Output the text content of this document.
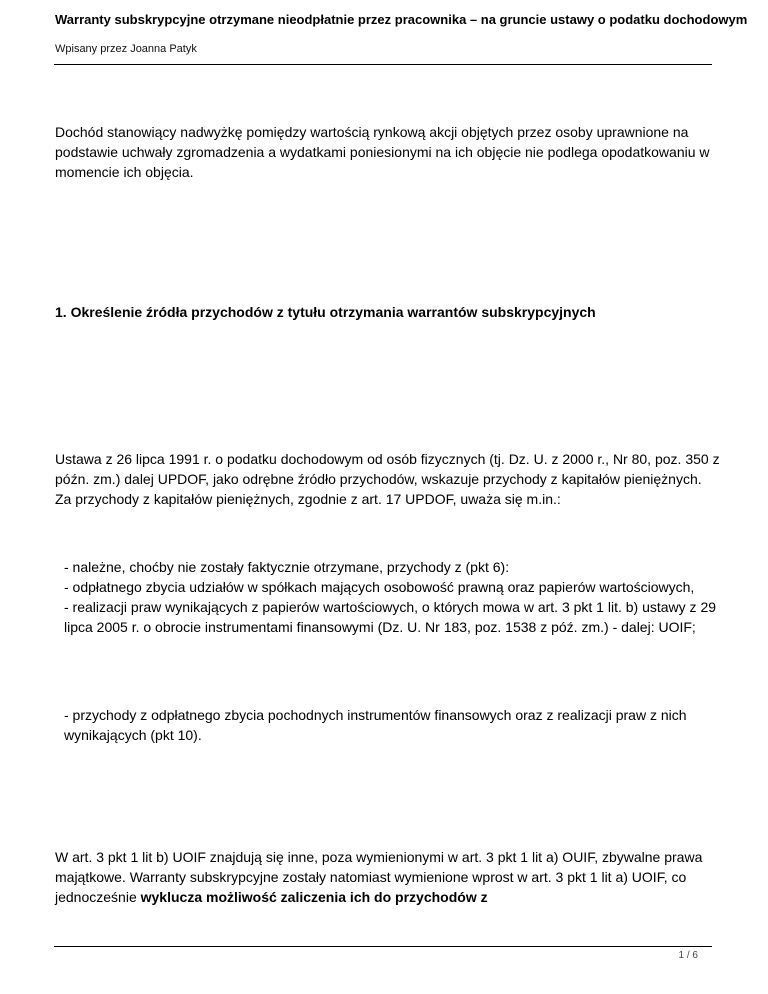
Warranty subskrypcyjne otrzymane nieodpłatnie przez pracownika – na gruncie ustawy o podatku dochodowym
Wpisany przez Joanna Patyk

Dochód stanowiący nadwyżkę pomiędzy wartością rynkową akcji objętych przez osoby uprawnione na podstawie uchwały zgromadzenia a wydatkami poniesionymi na ich objęcie nie podlega opodatkowaniu w momencie ich objęcia.

1. Określenie źródła przychodów z tytułu otrzymania warrantów subskrypcyjnych

Ustawa z 26 lipca 1991 r. o podatku dochodowym od osób fizycznych (tj. Dz. U. z 2000 r., Nr 80, poz. 350 z późn. zm.) dalej UPDOF, jako odrębne źródło przychodów, wskazuje przychody z kapitałów pieniężnych. Za przychody z kapitałów pieniężnych, zgodnie z art. 17 UPDOF, uważa się m.in.:

- należne, choćby nie zostały faktycznie otrzymane, przychody z (pkt 6):
- odpłatnego zbycia udziałów w spółkach mających osobowość prawną oraz papierów wartościowych,
- realizacji praw wynikających z papierów wartościowych, o których mowa w art. 3 pkt 1 lit. b) ustawy z 29 lipca 2005 r. o obrocie instrumentami finansowymi (Dz. U. Nr 183, poz. 1538 z póź. zm.) - dalej: UOIF;

- przychody z odpłatnego zbycia pochodnych instrumentów finansowych oraz z realizacji praw z nich wynikających (pkt 10).

W art. 3 pkt 1 lit b) UOIF znajdują się inne, poza wymienionymi w art. 3 pkt 1 lit a) OUIF, zbywalne prawa majątkowe. Warranty subskrypcyjne zostały natomiast wymienione wprost w art. 3 pkt 1 lit a) UOIF, co jednocześnie wyklucza możliwość zaliczenia ich do przychodów z

1 / 6
